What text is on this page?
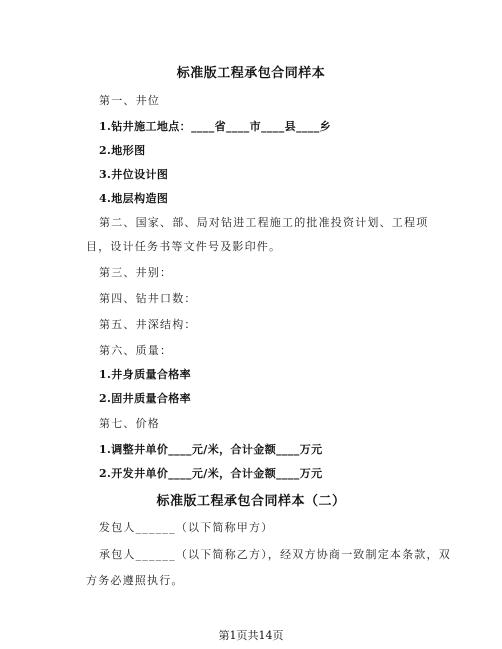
标准版工程承包合同样本
第一、井位
1.钻井施工地点：____省____市____县____乡
2.地形图
3.井位设计图
4.地层构造图
第二、国家、部、局对钻进工程施工的批准投资计划、工程项
目，设计任务书等文件号及影印件。
第三、井别：
第四、钻井口数：
第五、井深结构：
第六、质量：
1.井身质量合格率
2.固井质量合格率
第七、价格
1.调整井单价____元/米，合计金额____万元
2.开发井单价____元/米，合计金额____万元
标准版工程承包合同样本（二）
发包人______（以下简称甲方）
承包人______（以下简称乙方），经双方协商一致制定本条款，双
方务必遵照执行。
第1页共14页
